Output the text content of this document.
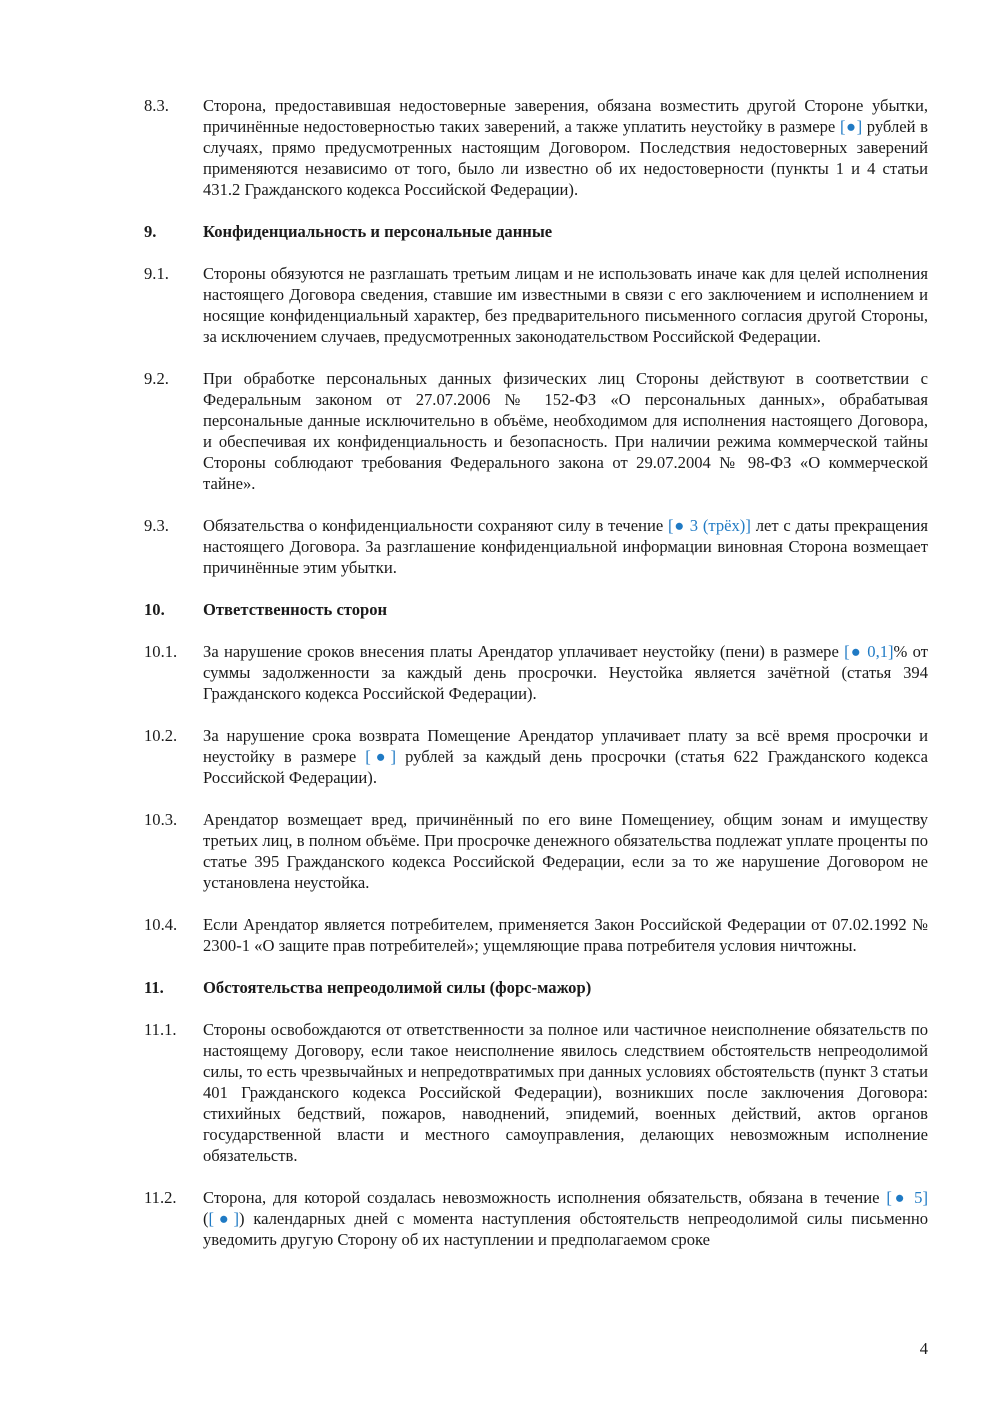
8.3.	Сторона, предоставившая недостоверные заверения, обязана возместить другой Стороне убытки, причинённые недостоверностью таких заверений, а также уплатить неустойку в размере [●] рублей в случаях, прямо предусмотренных настоящим Договором. Последствия недостоверных заверений применяются независимо от того, было ли известно об их недостоверности (пункты 1 и 4 статьи 431.2 Гражданского кодекса Российской Федерации).
9.	Конфиденциальность и персональные данные
9.1.	Стороны обязуются не разглашать третьим лицам и не использовать иначе как для целей исполнения настоящего Договора сведения, ставшие им известными в связи с его заключением и исполнением и носящие конфиденциальный характер, без предварительного письменного согласия другой Стороны, за исключением случаев, предусмотренных законодательством Российской Федерации.
9.2.	При обработке персональных данных физических лиц Стороны действуют в соответствии с Федеральным законом от 27.07.2006 № 152-ФЗ «О персональных данных», обрабатывая персональные данные исключительно в объёме, необходимом для исполнения настоящего Договора, и обеспечивая их конфиденциальность и безопасность. При наличии режима коммерческой тайны Стороны соблюдают требования Федерального закона от 29.07.2004 № 98-ФЗ «О коммерческой тайне».
9.3.	Обязательства о конфиденциальности сохраняют силу в течение [● 3 (трёх)] лет с даты прекращения настоящего Договора. За разглашение конфиденциальной информации виновная Сторона возмещает причинённые этим убытки.
10.	Ответственность сторон
10.1.	За нарушение сроков внесения платы Арендатор уплачивает неустойку (пени) в размере [● 0,1]% от суммы задолженности за каждый день просрочки. Неустойка является зачётной (статья 394 Гражданского кодекса Российской Федерации).
10.2.	За нарушение срока возврата Помещение Арендатор уплачивает плату за всё время просрочки и неустойку в размере [●] рублей за каждый день просрочки (статья 622 Гражданского кодекса Российской Федерации).
10.3.	Арендатор возмещает вред, причинённый по его вине Помещениеу, общим зонам и имуществу третьих лиц, в полном объёме. При просрочке денежного обязательства подлежат уплате проценты по статье 395 Гражданского кодекса Российской Федерации, если за то же нарушение Договором не установлена неустойка.
10.4.	Если Арендатор является потребителем, применяется Закон Российской Федерации от 07.02.1992 № 2300-1 «О защите прав потребителей»; ущемляющие права потребителя условия ничтожны.
11.	Обстоятельства непреодолимой силы (форс-мажор)
11.1.	Стороны освобождаются от ответственности за полное или частичное неисполнение обязательств по настоящему Договору, если такое неисполнение явилось следствием обстоятельств непреодолимой силы, то есть чрезвычайных и непредотвратимых при данных условиях обстоятельств (пункт 3 статьи 401 Гражданского кодекса Российской Федерации), возникших после заключения Договора: стихийных бедствий, пожаров, наводнений, эпидемий, военных действий, актов органов государственной власти и местного самоуправления, делающих невозможным исполнение обязательств.
11.2.	Сторона, для которой создалась невозможность исполнения обязательств, обязана в течение [● 5] ([●]) календарных дней с момента наступления обстоятельств непреодолимой силы письменно уведомить другую Сторону об их наступлении и предполагаемом сроке
4
